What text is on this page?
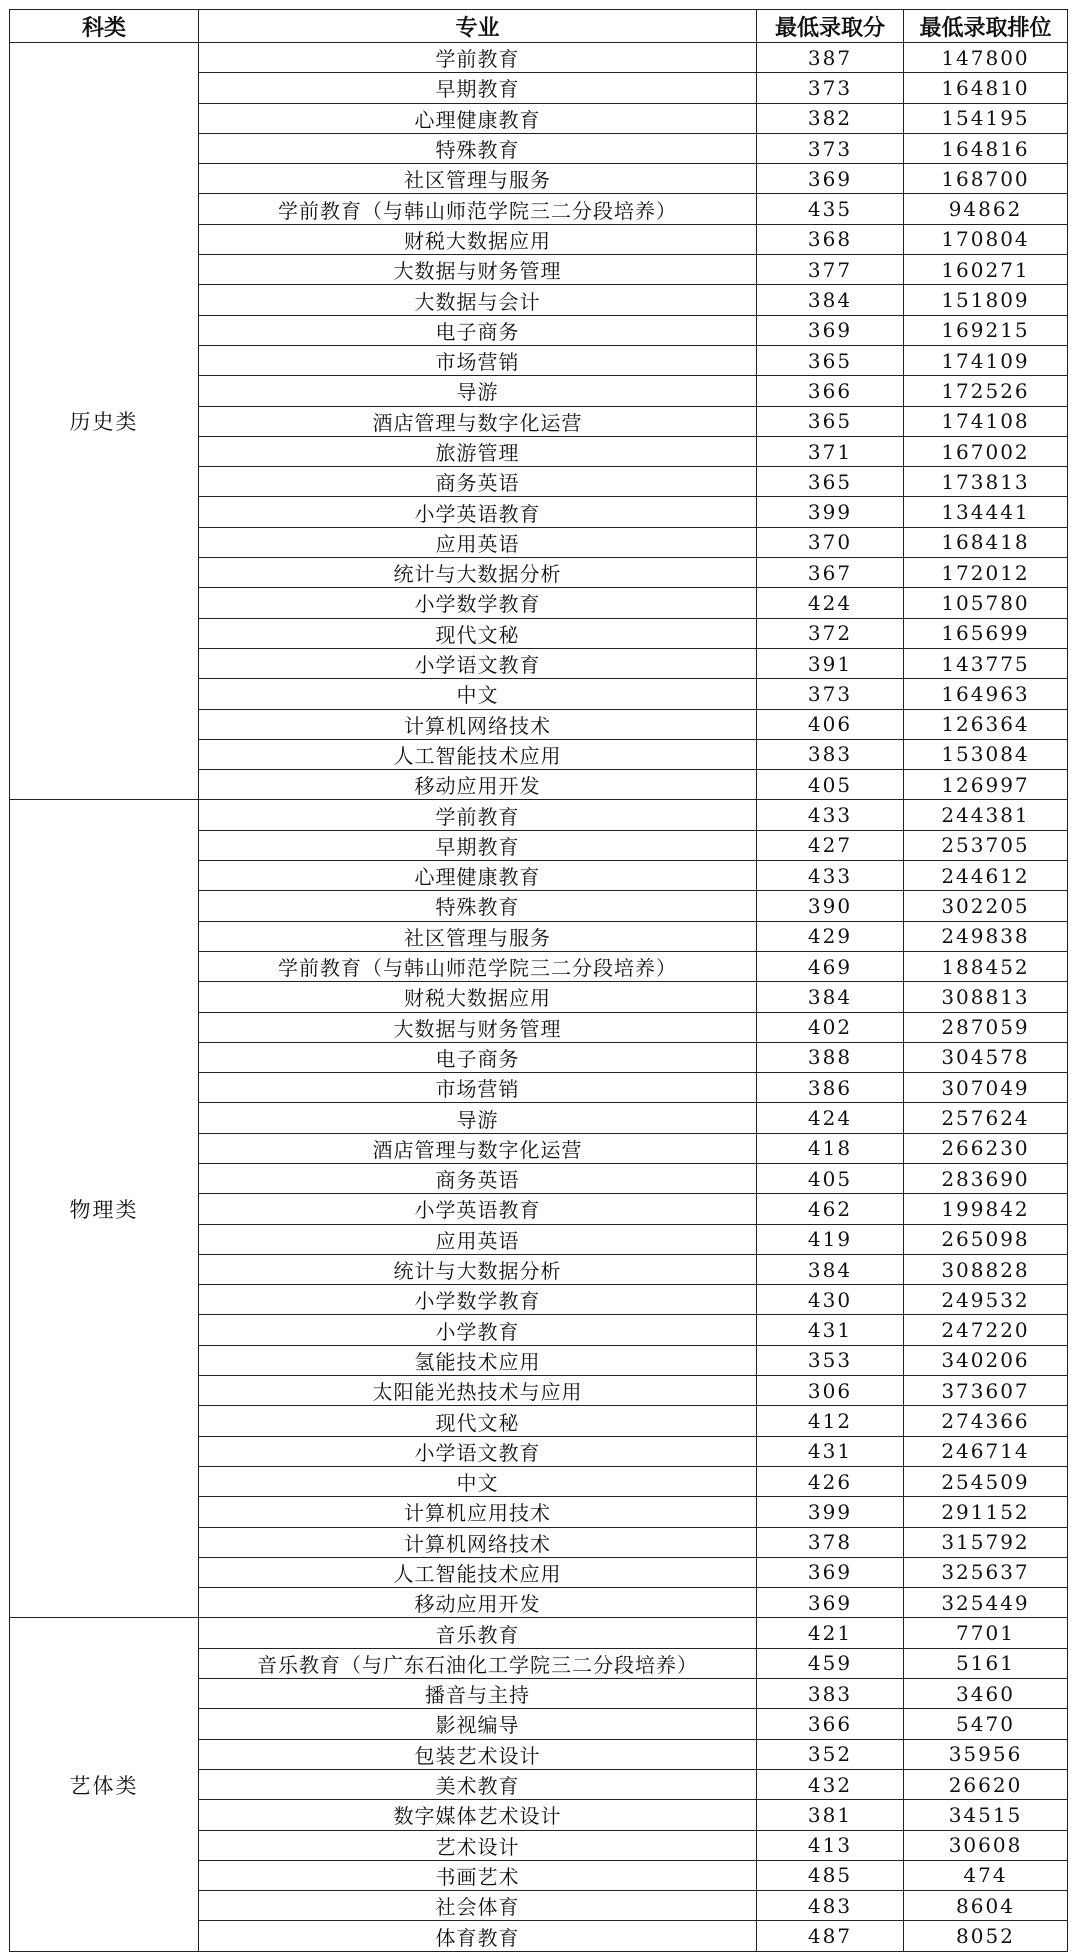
科类	专业	最低录取分	最低录取排位
历史类	学前教育	387	147800
	早期教育	373	164810
	心理健康教育	382	154195
	特殊教育	373	164816
	社区管理与服务	369	168700
	学前教育（与韩山师范学院三二分段培养）	435	94862
	财税大数据应用	368	170804
	大数据与财务管理	377	160271
	大数据与会计	384	151809
	电子商务	369	169215
	市场营销	365	174109
	导游	366	172526
	酒店管理与数字化运营	365	174108
	旅游管理	371	167002
	商务英语	365	173813
	小学英语教育	399	134441
	应用英语	370	168418
	统计与大数据分析	367	172012
	小学数学教育	424	105780
	现代文秘	372	165699
	小学语文教育	391	143775
	中文	373	164963
	计算机网络技术	406	126364
	人工智能技术应用	383	153084
	移动应用开发	405	126997
物理类	学前教育	433	244381
	早期教育	427	253705
	心理健康教育	433	244612
	特殊教育	390	302205
	社区管理与服务	429	249838
	学前教育（与韩山师范学院三二分段培养）	469	188452
	财税大数据应用	384	308813
	大数据与财务管理	402	287059
	电子商务	388	304578
	市场营销	386	307049
	导游	424	257624
	酒店管理与数字化运营	418	266230
	商务英语	405	283690
	小学英语教育	462	199842
	应用英语	419	265098
	统计与大数据分析	384	308828
	小学数学教育	430	249532
	小学教育	431	247220
	氢能技术应用	353	340206
	太阳能光热技术与应用	306	373607
	现代文秘	412	274366
	小学语文教育	431	246714
	中文	426	254509
	计算机应用技术	399	291152
	计算机网络技术	378	315792
	人工智能技术应用	369	325637
	移动应用开发	369	325449
艺体类	音乐教育	421	7701
	音乐教育（与广东石油化工学院三二分段培养）	459	5161
	播音与主持	383	3460
	影视编导	366	5470
	包装艺术设计	352	35956
	美术教育	432	26620
	数字媒体艺术设计	381	34515
	艺术设计	413	30608
	书画艺术	485	474
	社会体育	483	8604
	体育教育	487	8052
